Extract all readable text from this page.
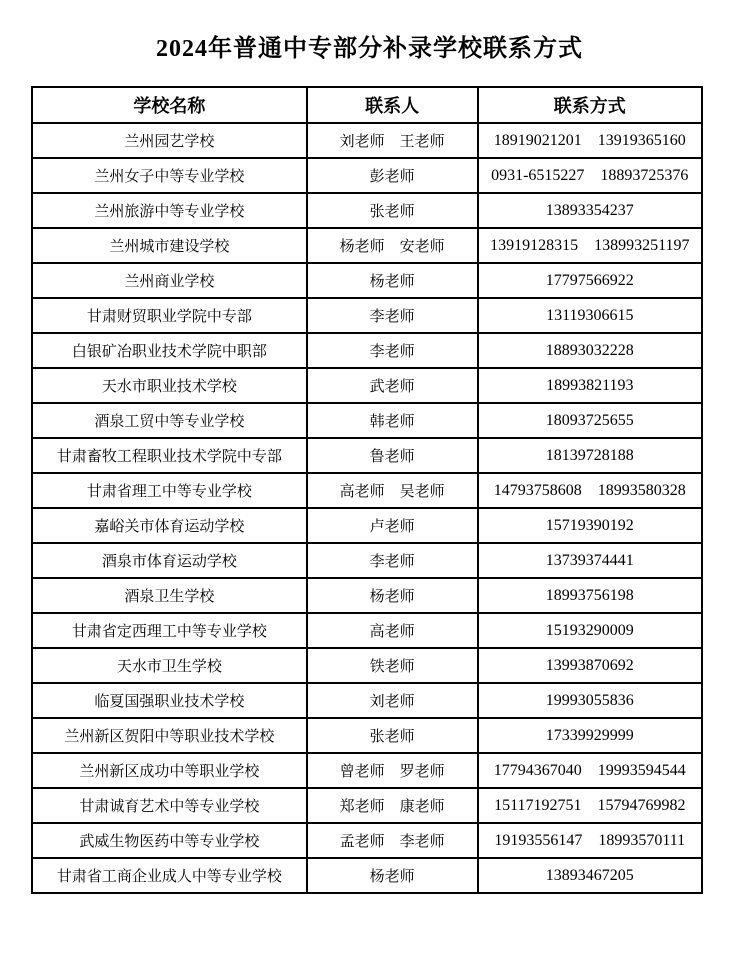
2024年普通中专部分补录学校联系方式
学校名称	联系人	联系方式
兰州园艺学校	刘老师  王老师	18919021201  13919365160
兰州女子中等专业学校	彭老师	0931-6515227  18893725376
兰州旅游中等专业学校	张老师	13893354237
兰州城市建设学校	杨老师  安老师	13919128315  138993251197
兰州商业学校	杨老师	17797566922
甘肃财贸职业学院中专部	李老师	13119306615
白银矿冶职业技术学院中职部	李老师	18893032228
天水市职业技术学校	武老师	18993821193
酒泉工贸中等专业学校	韩老师	18093725655
甘肃畜牧工程职业技术学院中专部	鲁老师	18139728188
甘肃省理工中等专业学校	高老师  吴老师	14793758608  18993580328
嘉峪关市体育运动学校	卢老师	15719390192
酒泉市体育运动学校	李老师	13739374441
酒泉卫生学校	杨老师	18993756198
甘肃省定西理工中等专业学校	高老师	15193290009
天水市卫生学校	铁老师	13993870692
临夏国强职业技术学校	刘老师	19993055836
兰州新区贺阳中等职业技术学校	张老师	17339929999
兰州新区成功中等职业学校	曾老师  罗老师	17794367040  19993594544
甘肃诚育艺术中等专业学校	郑老师  康老师	15117192751  15794769982
武威生物医药中等专业学校	孟老师  李老师	19193556147  18993570111
甘肃省工商企业成人中等专业学校	杨老师	13893467205
